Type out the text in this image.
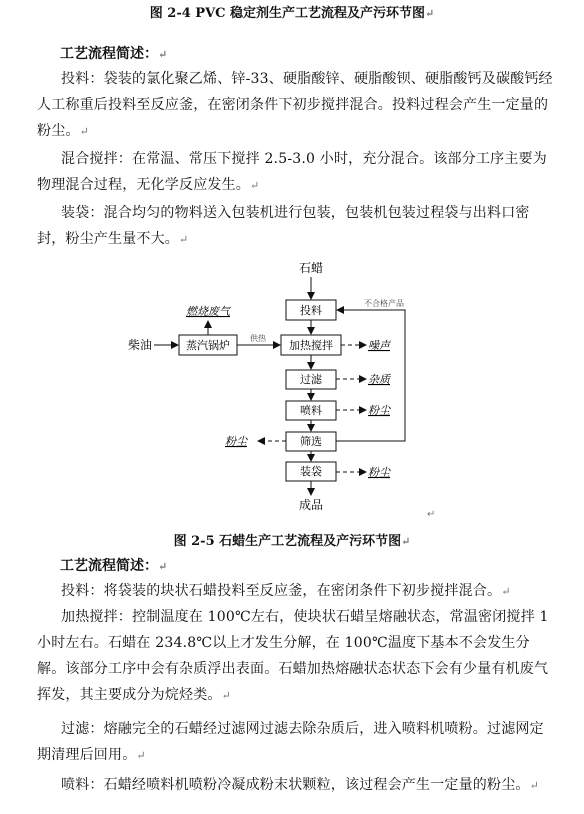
图 2-4 PVC 稳定剂生产工艺流程及产污环节图↵
工艺流程简述：↵
投料：袋装的氯化聚乙烯、锌-33、硬脂酸锌、硬脂酸钡、硬脂酸钙及碳酸钙经人工称重后投料至反应釜，在密闭条件下初步搅拌混合。投料过程会产生一定量的粉尘。↵
混合搅拌：在常温、常压下搅拌 2.5-3.0 小时，充分混合。该部分工序主要为物理混合过程，无化学反应发生。↵
装袋：混合均匀的物料送入包装机进行包装，包装机包装过程袋与出料口密封，粉尘产生量不大。↵
石蜡
投料
加热搅拌
过滤
喷料
筛选
装袋
成品
柴油	蒸汽锅炉
燃烧废气
供热
不合格产品
噪声
杂质
粉尘
粉尘
粉尘
↵
图 2-5 石蜡生产工艺流程及产污环节图↵
工艺流程简述：↵
投料：将袋装的块状石蜡投料至反应釜，在密闭条件下初步搅拌混合。↵
加热搅拌：控制温度在 100℃左右，使块状石蜡呈熔融状态，常温密闭搅拌 1 小时左右。石蜡在 234.8℃以上才发生分解，在 100℃温度下基本不会发生分解。该部分工序中会有杂质浮出表面。石蜡加热熔融状态状态下会有少量有机废气挥发，其主要成分为烷烃类。↵
过滤：熔融完全的石蜡经过滤网过滤去除杂质后，进入喷料机喷粉。过滤网定期清理后回用。↵
喷料：石蜡经喷料机喷粉冷凝成粉末状颗粒，该过程会产生一定量的粉尘。↵
